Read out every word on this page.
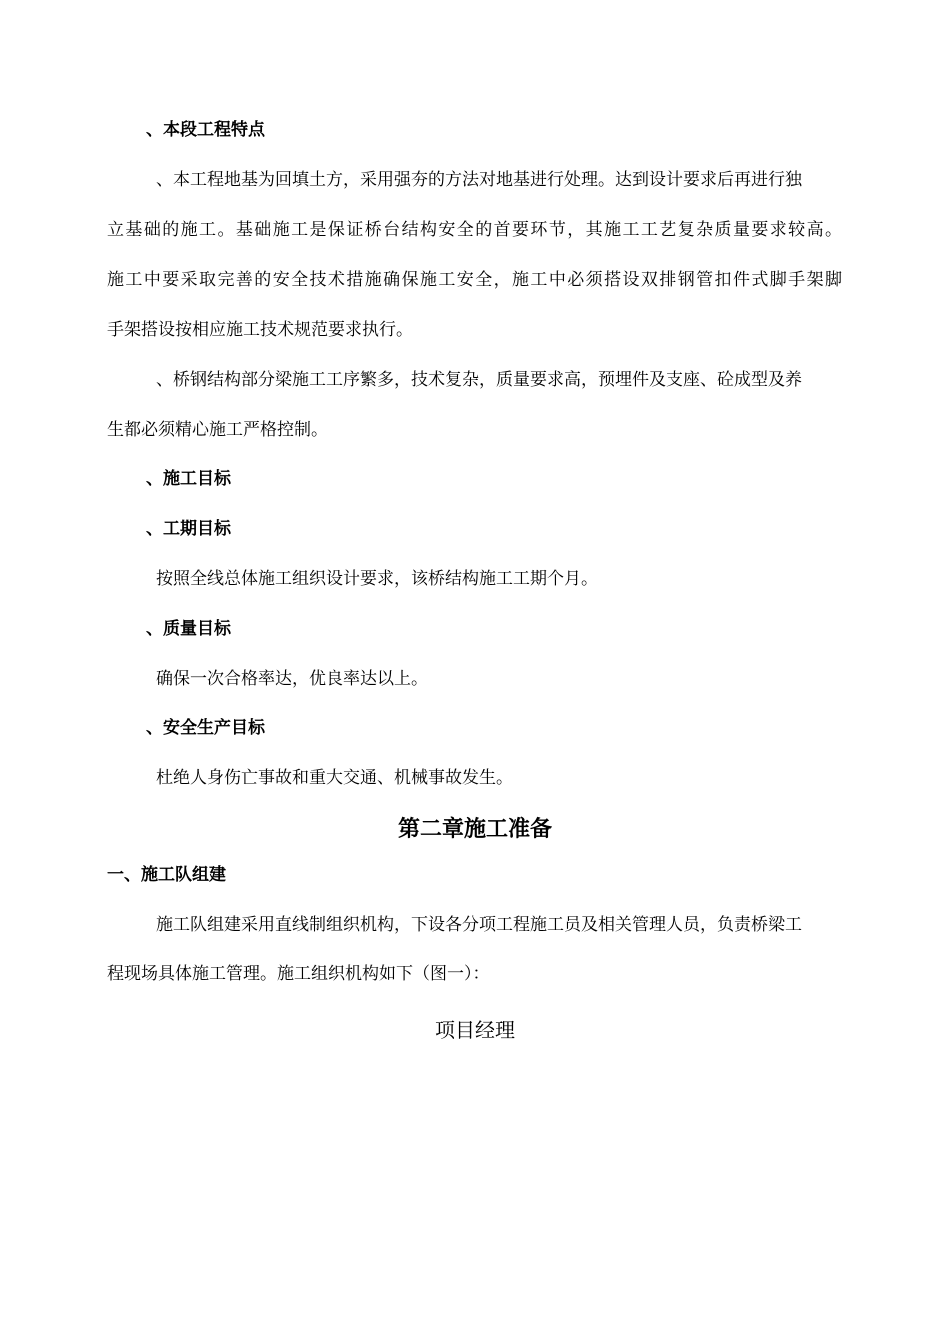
、本段工程特点
、本工程地基为回填土方，采用强夯的方法对地基进行处理。达到设计要求后再进行独
立基础的施工。基础施工是保证桥台结构安全的首要环节，其施工工艺复杂质量要求较高。
施工中要采取完善的安全技术措施确保施工安全，施工中必须搭设双排钢管扣件式脚手架脚
手架搭设按相应施工技术规范要求执行。
、桥钢结构部分梁施工工序繁多，技术复杂，质量要求高，预埋件及支座、砼成型及养
生都必须精心施工严格控制。
、施工目标
、工期目标
按照全线总体施工组织设计要求，该桥结构施工工期个月。
、质量目标
确保一次合格率达，优良率达以上。
、安全生产目标
杜绝人身伤亡事故和重大交通、机械事故发生。
第二章施工准备
一、施工队组建
施工队组建采用直线制组织机构，下设各分项工程施工员及相关管理人员，负责桥梁工
程现场具体施工管理。施工组织机构如下（图一）：
项目经理
